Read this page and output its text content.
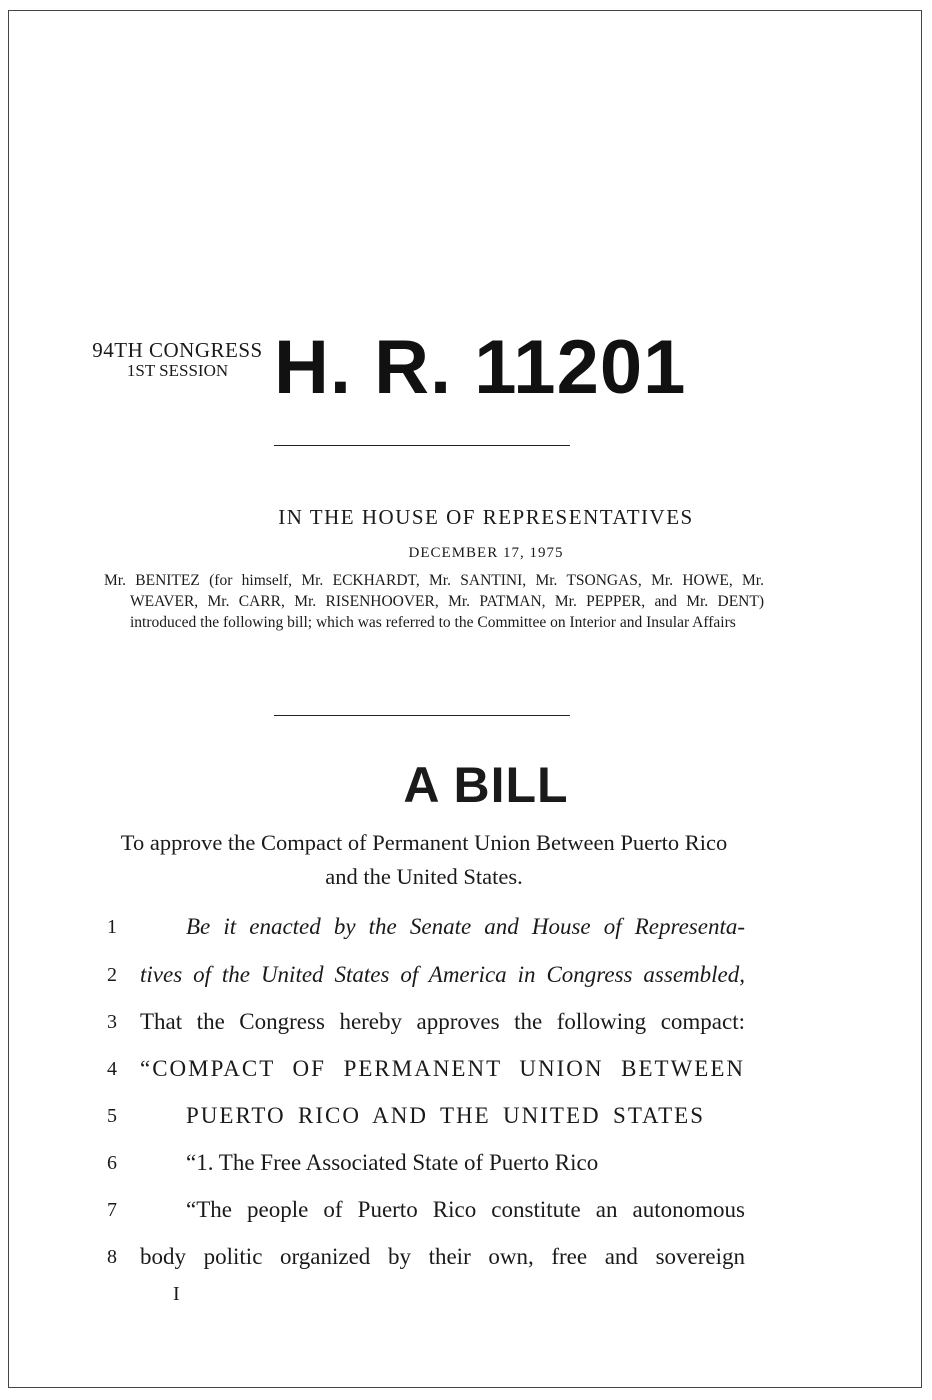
94TH CONGRESS
1ST SESSION H. R. 11201
IN THE HOUSE OF REPRESENTATIVES
DECEMBER 17, 1975
Mr. BENITEZ (for himself, Mr. ECKHARDT, Mr. SANTINI, Mr. TSONGAS, Mr. HOWE, Mr. WEAVER, Mr. CARR, Mr. RISENHOOVER, Mr. PATMAN, Mr. PEPPER, and Mr. DENT) introduced the following bill; which was referred to the Committee on Interior and Insular Affairs
A BILL
To approve the Compact of Permanent Union Between Puerto Rico and the United States.
1	Be it enacted by the Senate and House of Representa-
2	tives of the United States of America in Congress assembled,
3	That the Congress hereby approves the following compact:
4	“COMPACT OF PERMANENT UNION BETWEEN
5	PUERTO RICO AND THE UNITED STATES
6	“1. The Free Associated State of Puerto Rico
7	“The people of Puerto Rico constitute an autonomous
8	body politic organized by their own, free and sovereign
I
